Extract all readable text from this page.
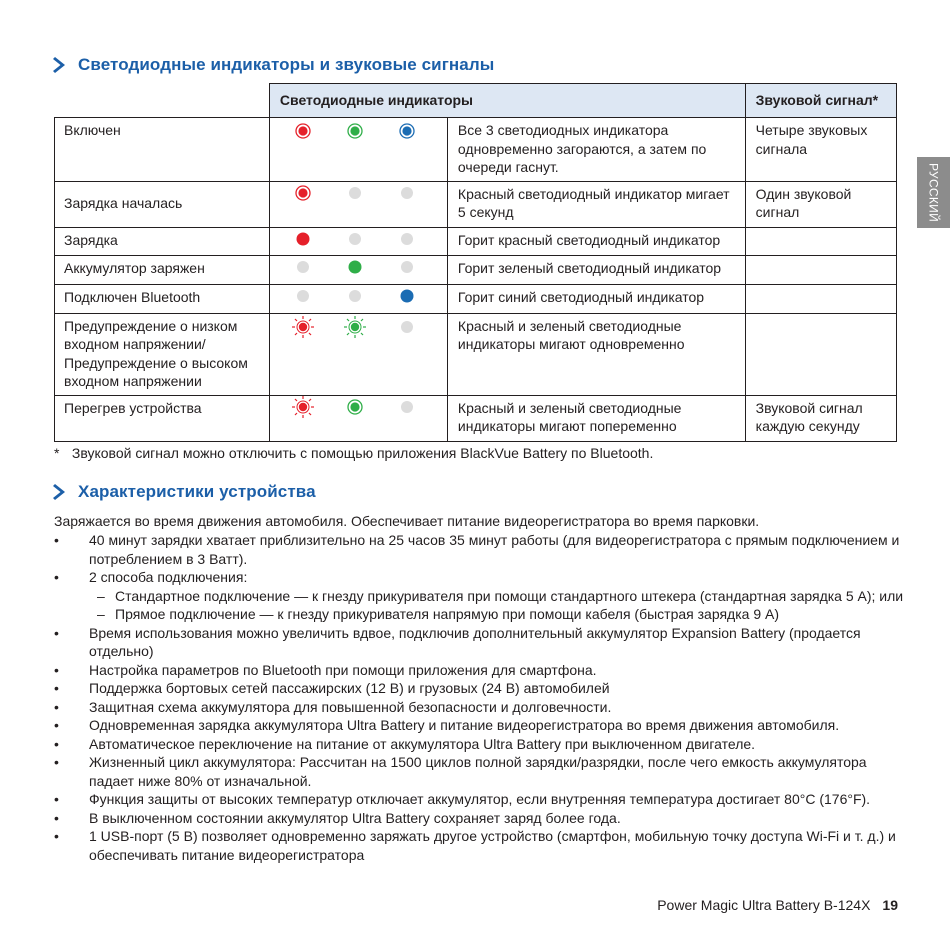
Светодиодные индикаторы и звуковые сигналы
	Светодиодные индикаторы		Звуковой сигнал*
Включен		Все 3 светодиодных индикатора одновременно загораются, а затем по очереди гаснут.	Четыре звуковых сигнала
Зарядка началась		Красный светодиодный индикатор мигает 5 секунд	Один звуковой сигнал
Зарядка		Горит красный светодиодный индикатор	
Аккумулятор заряжен		Горит зеленый светодиодный индикатор	
Подключен Bluetooth		Горит синий светодиодный индикатор	
Предупреждение о низком входном напряжении/ Предупреждение о высоком входном напряжении		Красный и зеленый светодиодные индикаторы мигают одновременно	
Перегрев устройства		Красный и зеленый светодиодные индикаторы мигают попеременно	Звуковой сигнал каждую секунду
* Звуковой сигнал можно отключить с помощью приложения BlackVue Battery по Bluetooth.
Характеристики устройства
Заряжается во время движения автомобиля. Обеспечивает питание видеорегистратора во время парковки.
•	40 минут зарядки хватает приблизительно на 25 часов 35 минут работы (для видеорегистратора с прямым подключением и потреблением в 3 Ватт).
•	2 способа подключения:
– Стандартное подключение — к гнезду прикуривателя при помощи стандартного штекера (стандартная зарядка 5 А); или
– Прямое подключение — к гнезду прикуривателя напрямую при помощи кабеля (быстрая зарядка 9 А)
•	Время использования можно увеличить вдвое, подключив дополнительный аккумулятор Expansion Battery (продается отдельно)
•	Настройка параметров по Bluetooth при помощи приложения для смартфона.
•	Поддержка бортовых сетей пассажирских (12 В) и грузовых (24 В) автомобилей
•	Защитная схема аккумулятора для повышенной безопасности и долговечности.
•	Одновременная зарядка аккумулятора Ultra Battery и питание видеорегистратора во время движения автомобиля.
•	Автоматическое переключение на питание от аккумулятора Ultra Battery при выключенном двигателе.
•	Жизненный цикл аккумулятора: Рассчитан на 1500 циклов полной зарядки/разрядки, после чего емкость аккумулятора падает ниже 80% от изначальной.
•	Функция защиты от высоких температур отключает аккумулятор, если внутренняя температура достигает 80°C (176°F).
•	В выключенном состоянии аккумулятор Ultra Battery сохраняет заряд более года.
•	1 USB-порт (5 В) позволяет одновременно заряжать другое устройство (смартфон, мобильную точку доступа Wi-Fi и т. д.) и обеспечивать питание видеорегистратора
Power Magic Ultra Battery B-124X 19
РУССКИЙ
